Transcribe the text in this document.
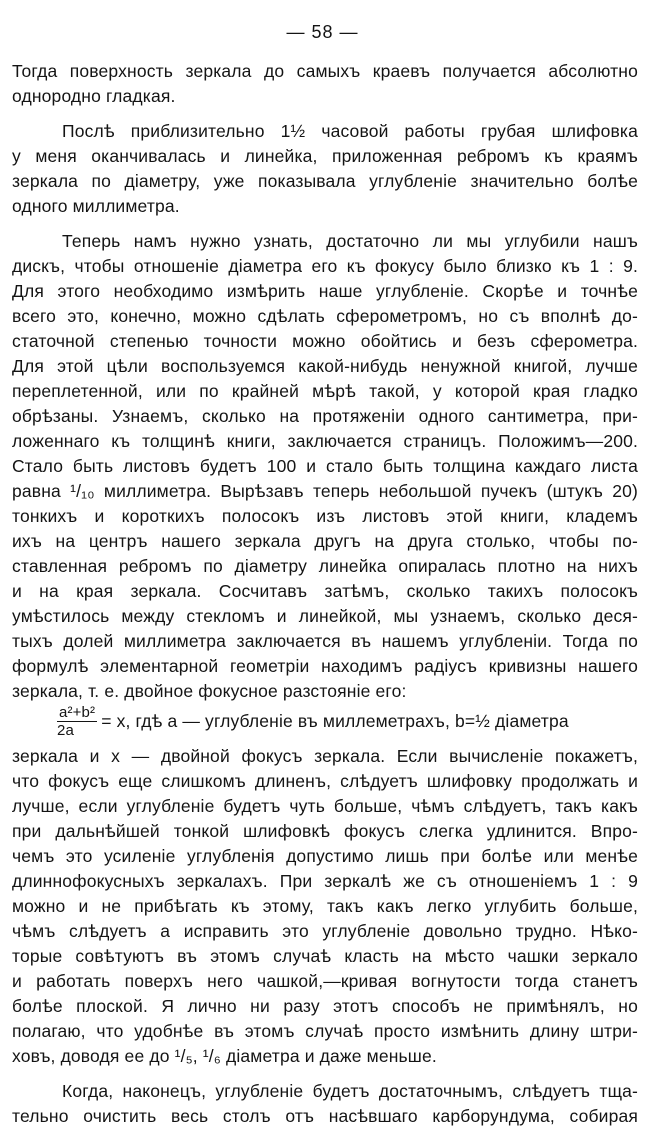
— 58 —
Тогда поверхность зеркала до самыхъ краевъ получается абсолютно
однородно гладкая.
Послѣ приблизительно 1½ часовой работы грубая шлифовка
у меня оканчивалась и линейка, приложенная ребромъ къ краямъ
зеркала по діаметру, уже показывала углубленіе значительно болѣе
одного миллиметра.
Теперь намъ нужно узнать, достаточно ли мы углубили нашъ
дискъ, чтобы отношеніе діаметра его къ фокусу было близко къ 1 : 9.
Для этого необходимо измѣрить наше углубленіе. Скорѣе и точнѣе
всего это, конечно, можно сдѣлать сферометромъ, но съ вполнѣ до-
статочной степенью точности можно обойтись и безъ сферометра.
Для этой цѣли воспользуемся какой-нибудь ненужной книгой, лучше
переплетенной, или по крайней мѣрѣ такой, у которой края гладко
обрѣзаны. Узнаемъ, сколько на протяженіи одного сантиметра, при-
ложеннаго къ толщинѣ книги, заключается страницъ. Положимъ—200.
Стало быть листовъ будетъ 100 и стало быть толщина каждаго листа
равна ¹/₁₀ миллиметра. Вырѣзавъ теперь небольшой пучекъ (штукъ 20)
тонкихъ и короткихъ полосокъ изъ листовъ этой книги, кладемъ
ихъ на центръ нашего зеркала другъ на друга столько, чтобы по-
ставленная ребромъ по діаметру линейка опиралась плотно на нихъ
и на края зеркала. Сосчитавъ затѣмъ, сколько такихъ полосокъ
умѣстилось между стекломъ и линейкой, мы узнаемъ, сколько деся-
тыхъ долей миллиметра заключается въ нашемъ углубленіи. Тогда по
формулѣ элементарной геометріи находимъ радіусъ кривизны нашего
зеркала, т. е. двойное фокусное разстояніе его:
$\frac{\text{a²+b²}}{2a} = x$, гдѣ a — углубленіе въ миллеметрахъ, b=½ діаметра
зеркала и x — двойной фокусъ зеркала. Если вычисленіе покажетъ,
что фокусъ еще слишкомъ длиненъ, слѣдуетъ шлифовку продолжать и
лучше, если углубленіе будетъ чуть больше, чѣмъ слѣдуетъ, такъ какъ
при дальнѣйшей тонкой шлифовкѣ фокусъ слегка удлинится. Впро-
чемъ это усиленіе углубленія допустимо лишь при болѣе или менѣе
длиннофокусныхъ зеркалахъ. При зеркалѣ же съ отношеніемъ 1 : 9
можно и не прибѣгать къ этому, такъ какъ легко углубить больше,
чѣмъ слѣдуетъ а исправить это углубленіе довольно трудно. Нѣко-
торые совѣтуютъ въ этомъ случаѣ класть на мѣсто чашки зеркало
и работать поверхъ него чашкой,—кривая вогнутости тогда станетъ
болѣе плоской. Я лично ни разу этотъ способъ не примѣнялъ, но
полагаю, что удобнѣе въ этомъ случаѣ просто измѣнить длину штри-
ховъ, доводя ее до ¹/₅, ¹/₆ діаметра и даже меньше.
Когда, наконецъ, углубленіе будетъ достаточнымъ, слѣдуетъ тща-
тельно очистить весь столъ отъ насѣвшаго карборундума, собирая
